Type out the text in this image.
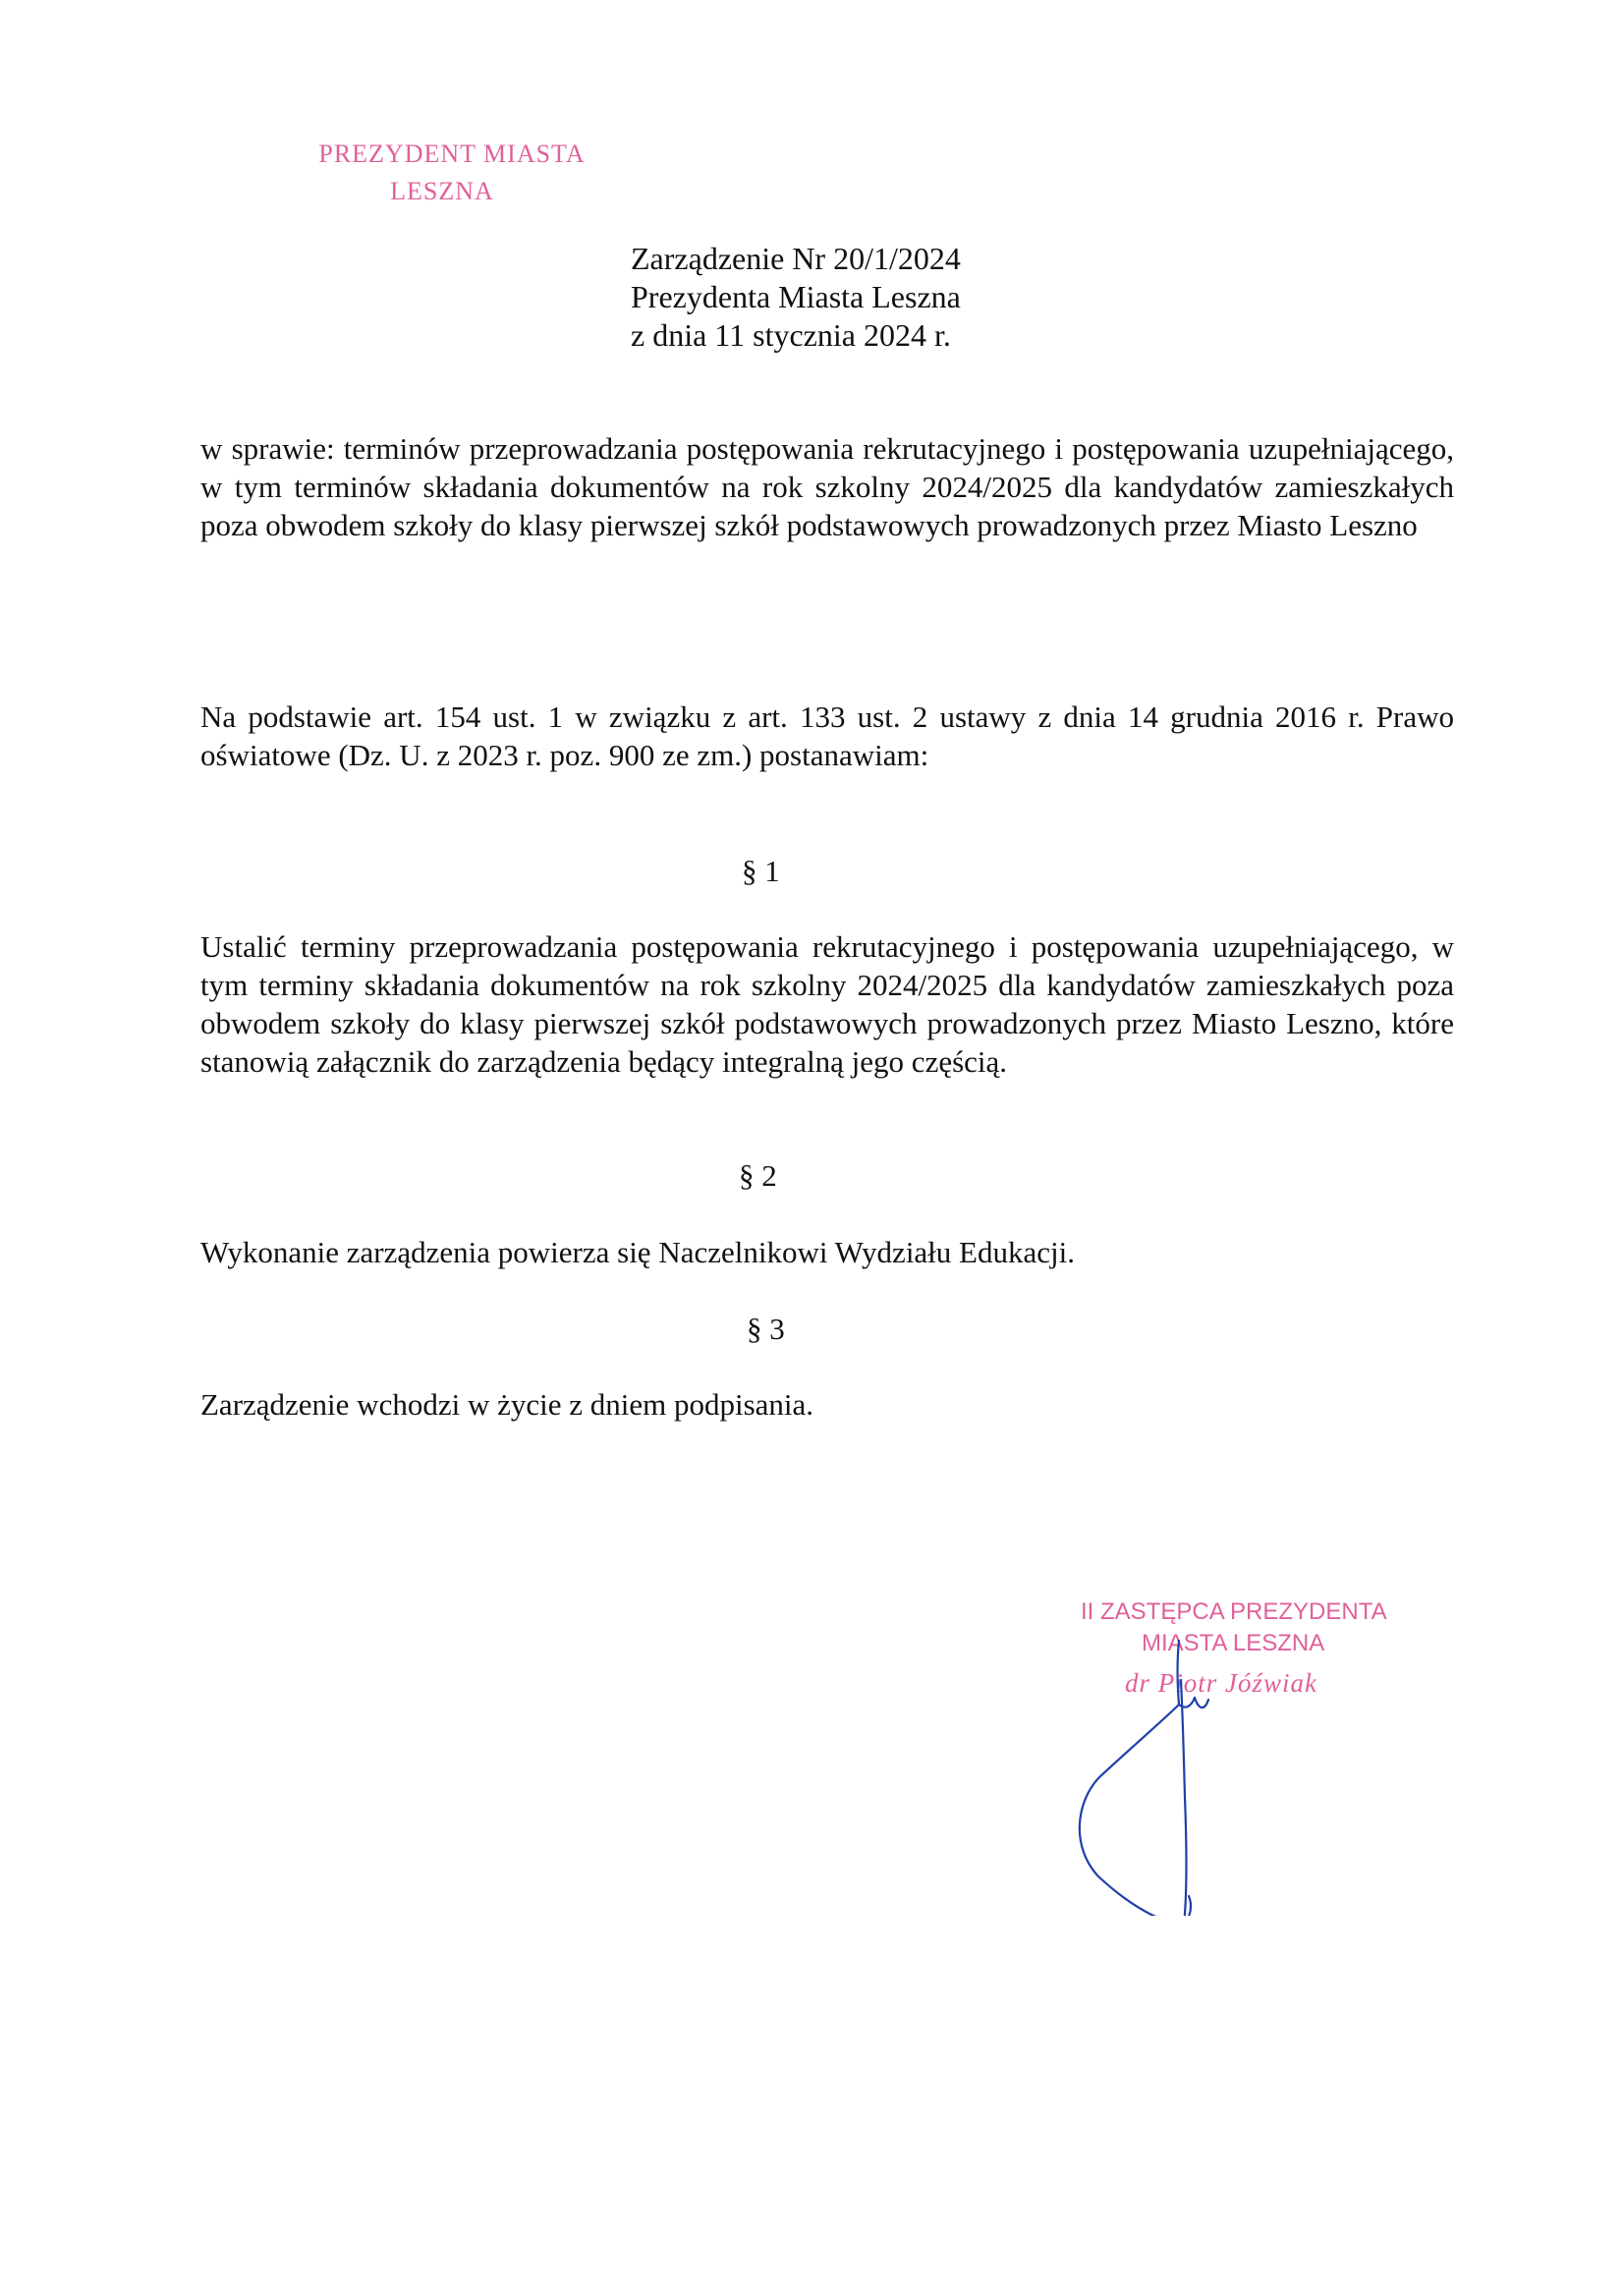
PREZYDENT MIASTA
LESZNA
Zarządzenie Nr 20/1/2024
Prezydenta Miasta Leszna
z dnia 11 stycznia 2024 r.
w sprawie: terminów przeprowadzania postępowania rekrutacyjnego i postępowania uzupełniającego, w tym terminów składania dokumentów na rok szkolny 2024/2025 dla kandydatów zamieszkałych poza obwodem szkoły do klasy pierwszej szkół podstawowych prowadzonych przez Miasto Leszno
Na podstawie art. 154 ust. 1 w związku z art. 133 ust. 2 ustawy z dnia 14 grudnia 2016 r. Prawo oświatowe (Dz. U. z 2023 r. poz. 900 ze zm.) postanawiam:
§ 1
Ustalić terminy przeprowadzania postępowania rekrutacyjnego i postępowania uzupełniającego, w tym terminy składania dokumentów na rok szkolny 2024/2025 dla kandydatów zamieszkałych poza obwodem szkoły do klasy pierwszej szkół podstawowych prowadzonych przez Miasto Leszno, które stanowią załącznik do zarządzenia będący integralną jego częścią.
§ 2
Wykonanie zarządzenia powierza się Naczelnikowi Wydziału Edukacji.
§ 3
Zarządzenie wchodzi w życie z dniem podpisania.
II ZASTĘPCA PREZYDENTA
MIASTA LESZNA
dr Piotr Jóźwiak
